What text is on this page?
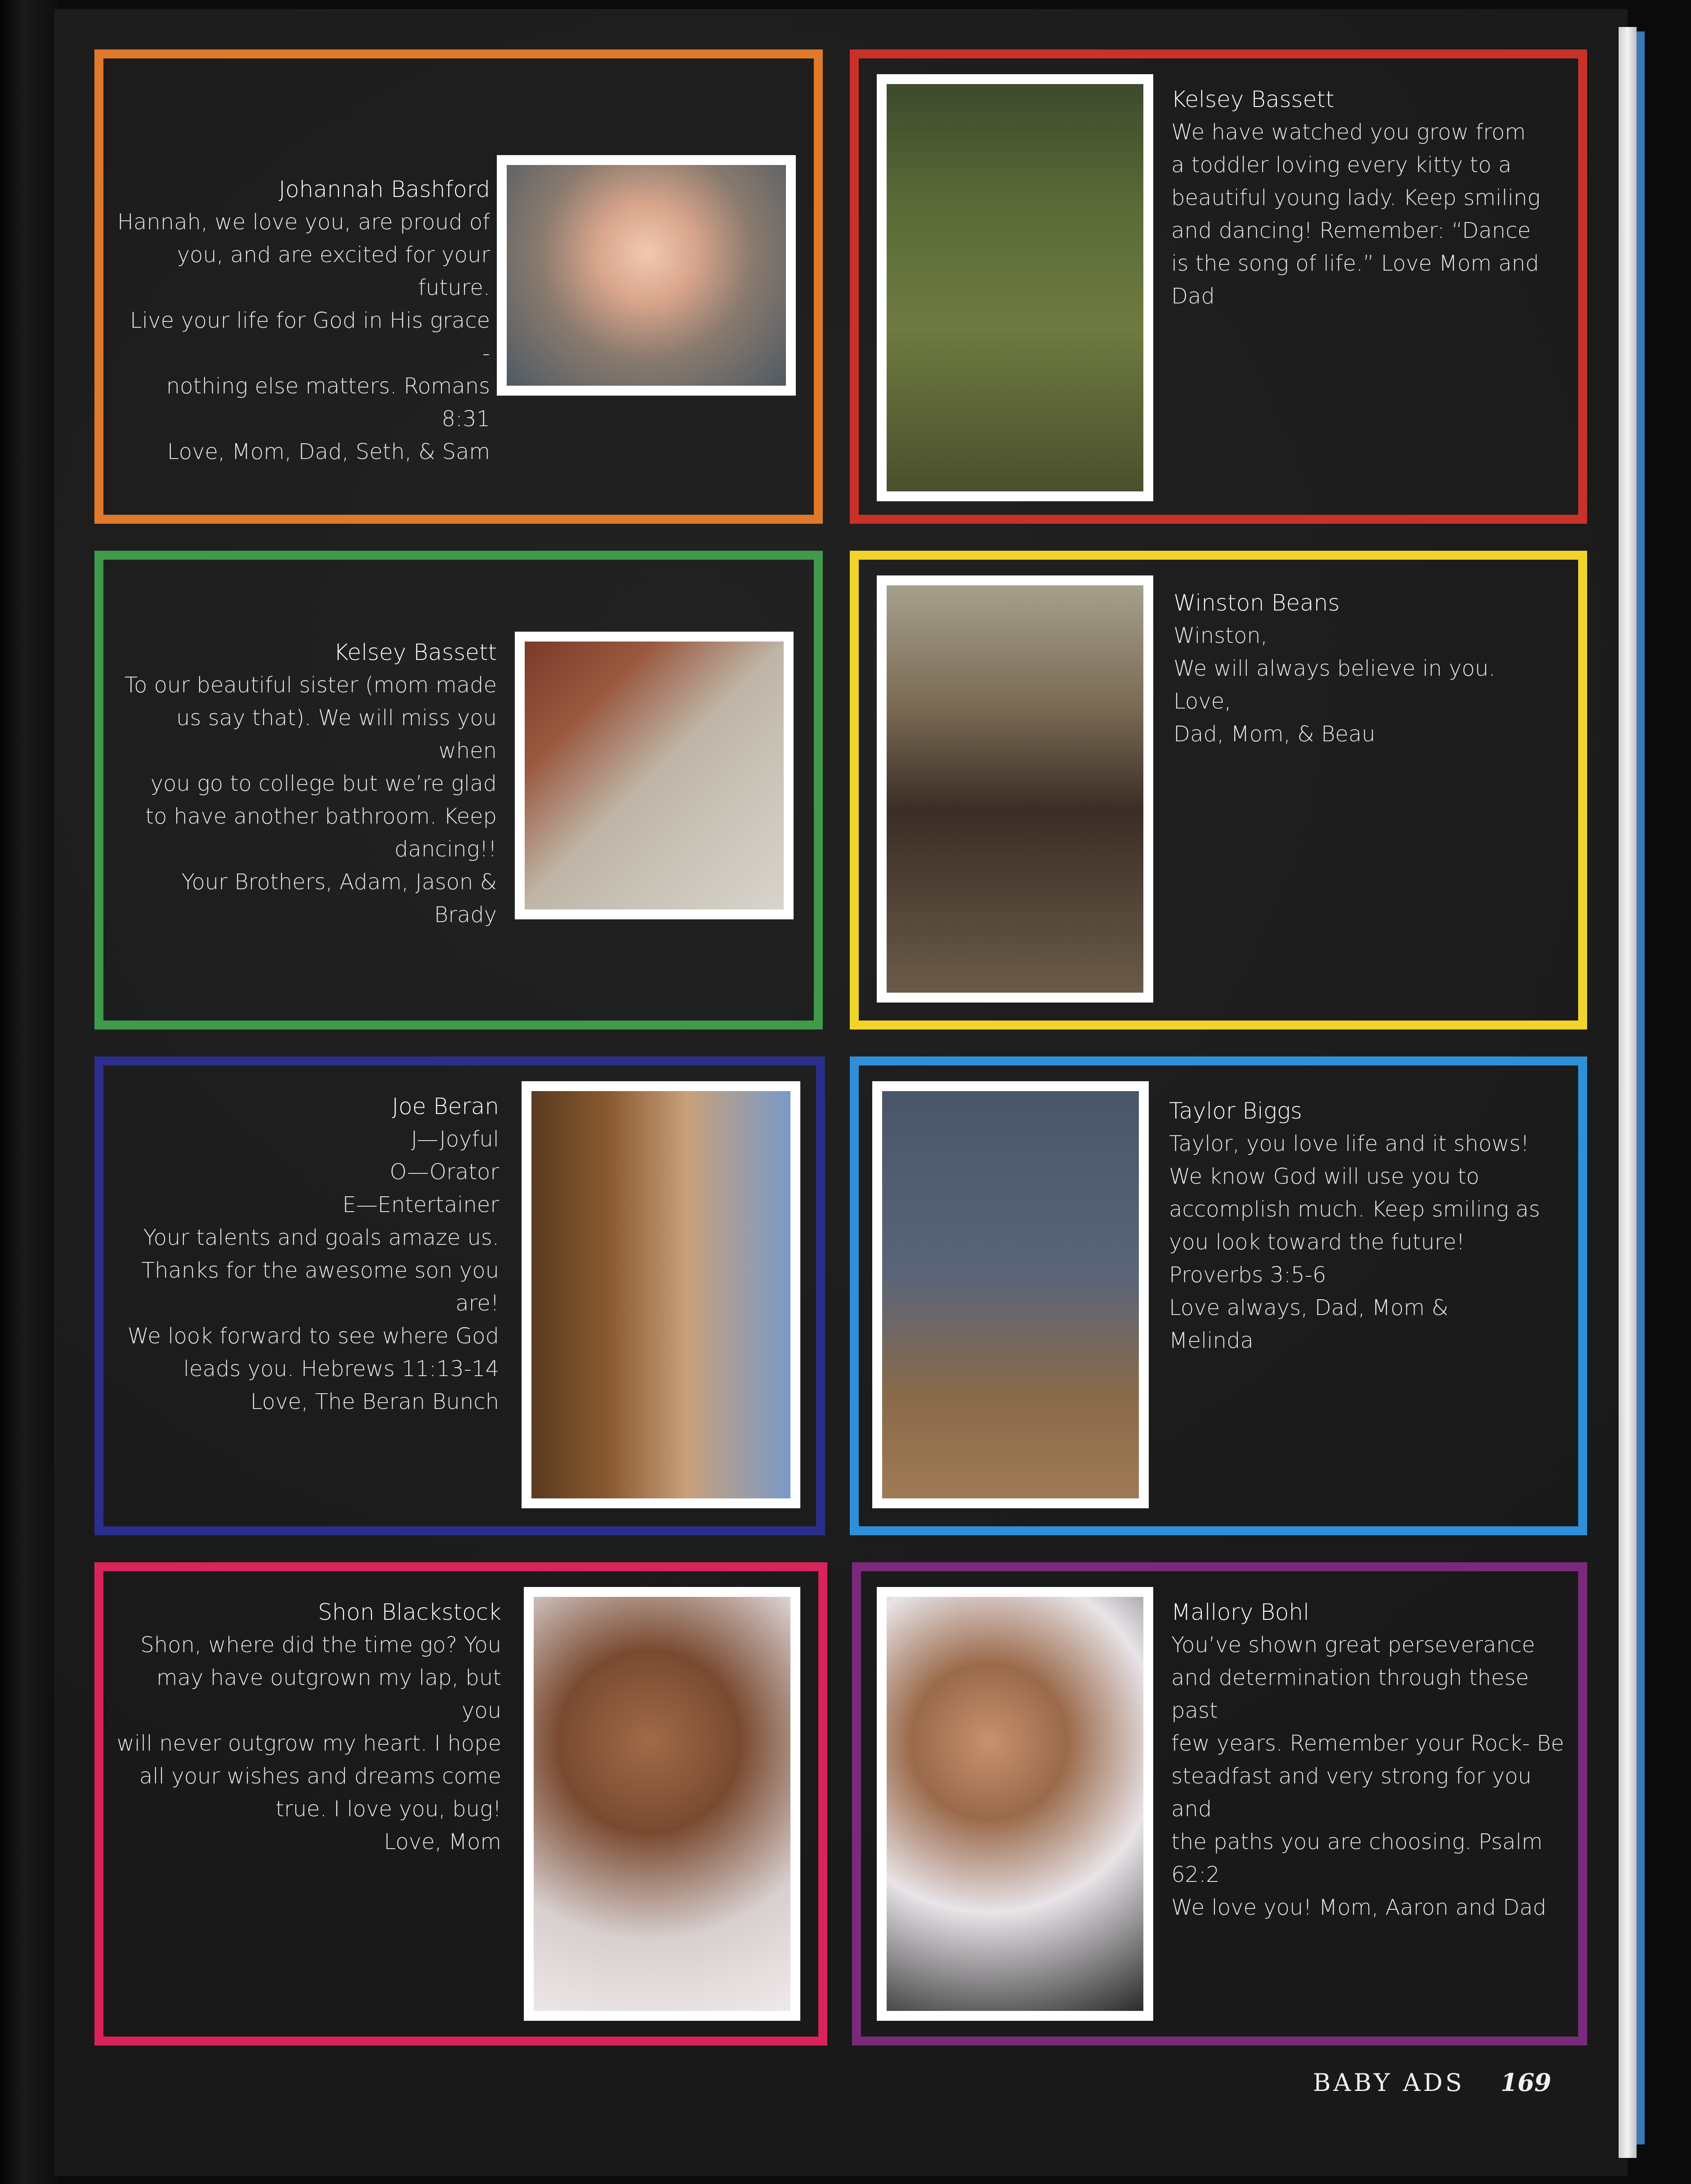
Johannah Bashford
Hannah, we love you, are proud of
you, and are excited for your future.
Live your life for God in His grace -
nothing else matters. Romans 8:31
Love, Mom, Dad, Seth, & Sam
Kelsey Bassett
We have watched you grow from
a toddler loving every kitty to a
beautiful young lady. Keep smiling
and dancing! Remember: “Dance
is the song of life.” Love Mom and
Dad
Kelsey Bassett
To our beautiful sister (mom made
us say that). We will miss you when
you go to college but we’re glad
to have another bathroom. Keep
dancing!!
Your Brothers, Adam, Jason & Brady
Winston Beans
Winston,
We will always believe in you.
Love,
Dad, Mom, & Beau
Joe Beran
J—Joyful
O—Orator
E—Entertainer
Your talents and goals amaze us.
Thanks for the awesome son you are!
We look forward to see where God
leads you. Hebrews 11:13-14
Love, The Beran Bunch
Taylor Biggs
Taylor, you love life and it shows!
We know God will use you to
accomplish much. Keep smiling as
you look toward the future!
Proverbs 3:5-6
Love always, Dad, Mom &
Melinda
Shon Blackstock
Shon, where did the time go? You
may have outgrown my lap, but you
will never outgrow my heart. I hope
all your wishes and dreams come
true. I love you, bug!
Love, Mom
Mallory Bohl
You’ve shown great perseverance
and determination through these past
few years. Remember your Rock- Be
steadfast and very strong for you and
the paths you are choosing. Psalm
62:2
We love you! Mom, Aaron and Dad
BABY ADS 169
